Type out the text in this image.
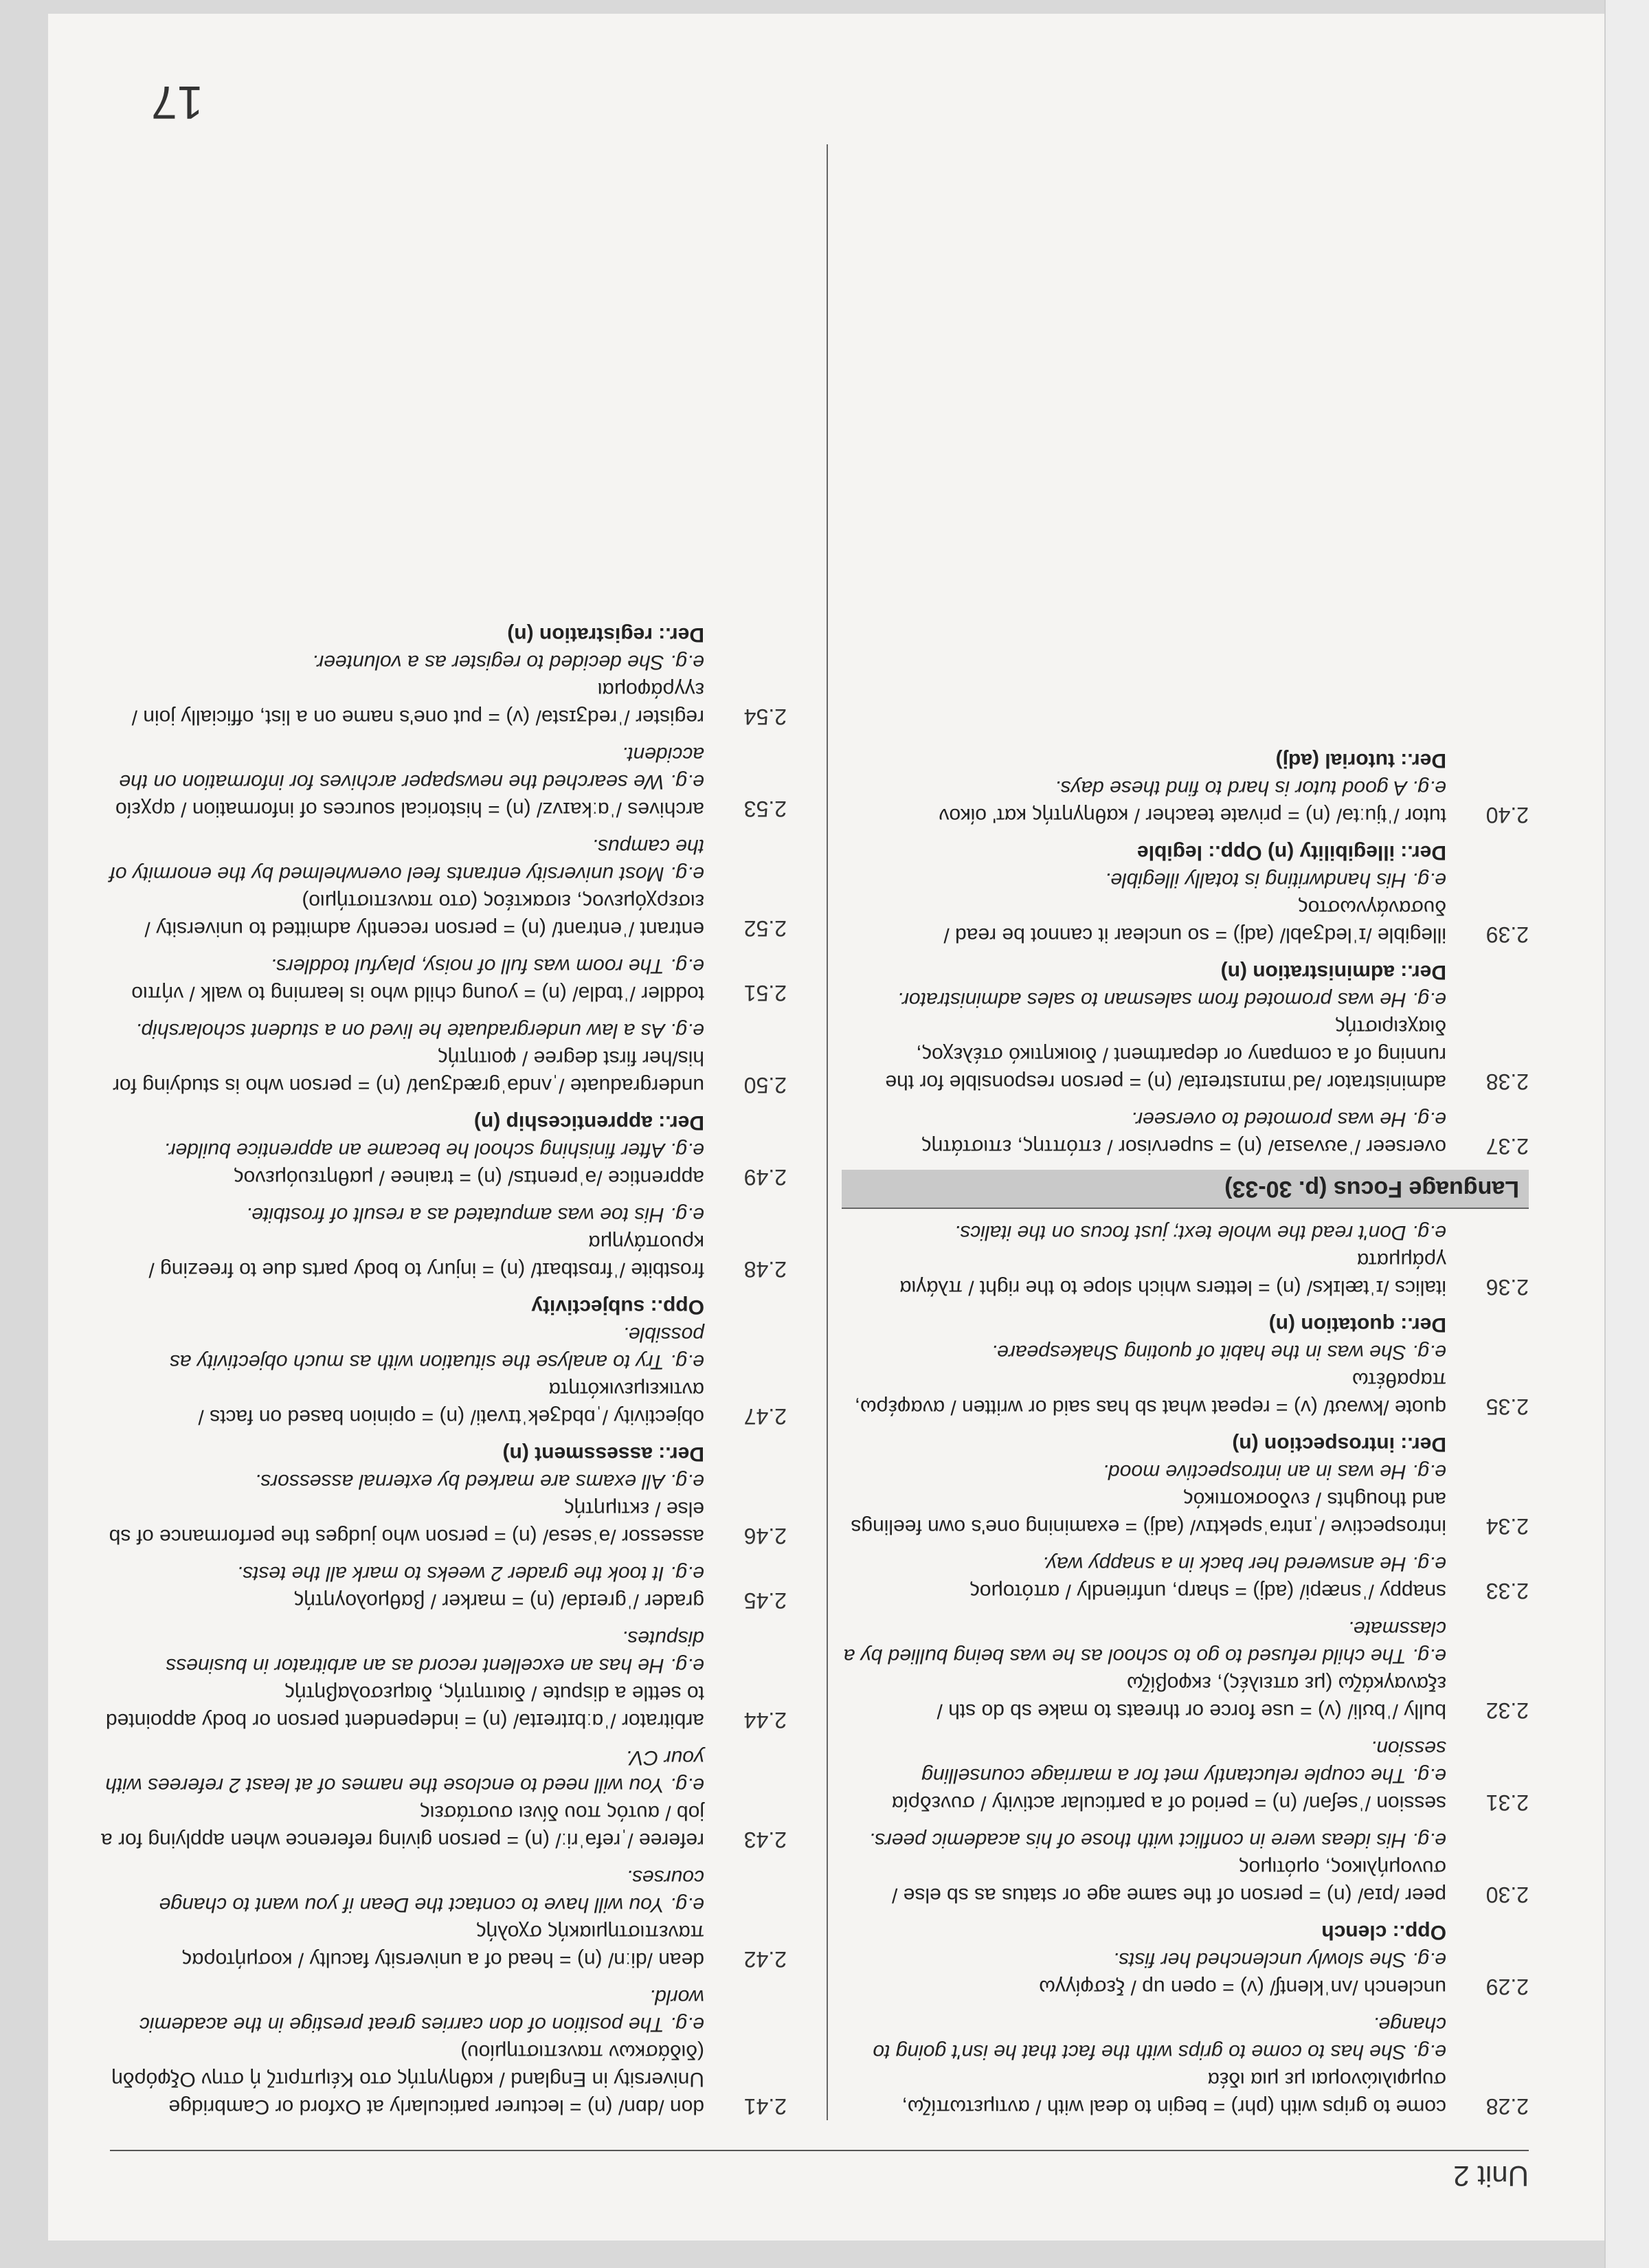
Unit 2
2.28
come to grips with (phr) = begin to deal with / αντιμετωπίζω, συμφιλιώνομαι με μια ιδέα
e.g. She has to come to grips with the fact that he isn't going to change.
2.29
unclench /ʌnˈklentʃ/ (v) = open up / ξεσφίγγω
e.g. She slowly unclenched her fists.
Opp.: clench
2.30
peer /pɪə/ (n) = person of the same age or status as sb else / συνομήλικος, ομότιμος
e.g. His ideas were in conflict with those of his academic peers.
2.31
session /ˈseʃən/ (n) = period of a particular activity / συνεδρία
e.g. The couple reluctantly met for a marriage counselling session.
2.32
bully /ˈbʊli/ (v) = use force or threats to make sb do sth / εξαναγκάζω (με απειλές), εκφοβίζω
e.g. The child refused to go to school as he was being bullied by a classmate.
2.33
snappy /ˈsnæpi/ (adj) = sharp, unfriendly / απότομος
e.g. He answered her back in a snappy way.
2.34
introspective /ˌɪntrəˈspektɪv/ (adj) = examining one's own feelings and thoughts / ενδοσκοπικός
e.g. He was in an introspective mood.
Der.: introspection (n)
2.35
quote /kwəʊt/ (v) = repeat what sb has said or written / αναφέρω, παραθέτω
e.g. She was in the habit of quoting Shakespeare.
Der.: quotation (n)
2.36
italics /ɪˈtælɪks/ (n) = letters which slope to the right / πλάγια γράμματα
e.g. Don't read the whole text; just focus on the italics.
Language Focus (p. 30-33)
2.37
overseer /ˈəʊvəsɪə/ (n) = supervisor / επόπτης, επιστάτης
e.g. He was promoted to overseer.
2.38
administrator /ədˈmɪnɪstreɪtə/ (n) = person responsible for the running of a company or department / διοικητικό στέλεχος, διαχειριστής
e.g. He was promoted from salesman to sales administrator.
Der.: administration (n)
2.39
illegible /ɪˈledʒəbl/ (adj) = so unclear it cannot be read / δυσανάγνωστος
e.g. His handwriting is totally illegible.
Der.: illegibility (n) Opp.: legible
2.40
tutor /ˈtjuːtə/ (n) = private teacher / καθηγητής κατ' οίκον
e.g. A good tutor is hard to find these days.
Der.: tutorial (adj)
2.41
don /dɒn/ (n) = lecturer particularly at Oxford or Cambridge University in England / καθηγητής στο Κέιμπριτζ ή στην Οξφόρδη (διδάσκων πανεπιστημίου)
e.g. The position of don carries great prestige in the academic world.
2.42
dean /diːn/ (n) = head of a university faculty / κοσμήτορας πανεπιστημιακής σχολής
e.g. You will have to contact the Dean if you want to change courses.
2.43
referee /ˌrefəˈriː/ (n) = person giving reference when applying for a job / αυτός που δίνει συστάσεις
e.g. You will need to enclose the names of at least 2 referees with your CV.
2.44
arbitrator /ˈɑːbɪtreɪtə/ (n) = independent person or body appointed to settle a dispute / διαιτητής, διαμεσολαβητής
e.g. He has an excellent record as an arbitrator in business disputes.
2.45
grader /ˈɡreɪdə/ (n) = marker / βαθμολογητής
e.g. It took the grader 2 weeks to mark all the tests.
2.46
assessor /əˈsesə/ (n) = person who judges the performance of sb else / εκτιμητής
e.g. All exams are marked by external assessors.
Der.: assessment (n)
2.47
objectivity /ˌɒbdʒekˈtɪvəti/ (n) = opinion based on facts / αντικειμενικότητα
e.g. Try to analyse the situation with as much objectivity as possible.
Opp.: subjectivity
2.48
frostbite /ˈfrɒstbaɪt/ (n) = injury to body parts due to freezing / κρυοπάγημα
e.g. His toe was amputated as a result of frostbite.
2.49
apprentice /əˈprentɪs/ (n) = trainee / μαθητευόμενος
e.g. After finishing school he became an apprentice builder.
Der.: apprenticeship (n)
2.50
undergraduate /ˌʌndəˈɡrædʒuət/ (n) = person who is studying for his/her first degree / φοιτητής
e.g. As a law undergraduate he lived on a student scholarship.
2.51
toddler /ˈtɒdlə/ (n) = young child who is learning to walk / νήπιο
e.g. The room was full of noisy, playful toddlers.
2.52
entrant /ˈentrənt/ (n) = person recently admitted to university / εισερχόμενος, εισακτέος (στο πανεπιστήμιο)
e.g. Most university entrants feel overwhelmed by the enormity of the campus.
2.53
archives /ˈɑːkaɪvz/ (n) = historical sources of information / αρχείο
e.g. We searched the newspaper archives for information on the accident.
2.54
register /ˈredʒɪstə/ (v) = put one's name on a list, officially join / εγγράφομαι
e.g. She decided to register as a volunteer.
Der.: registration (n)
17
